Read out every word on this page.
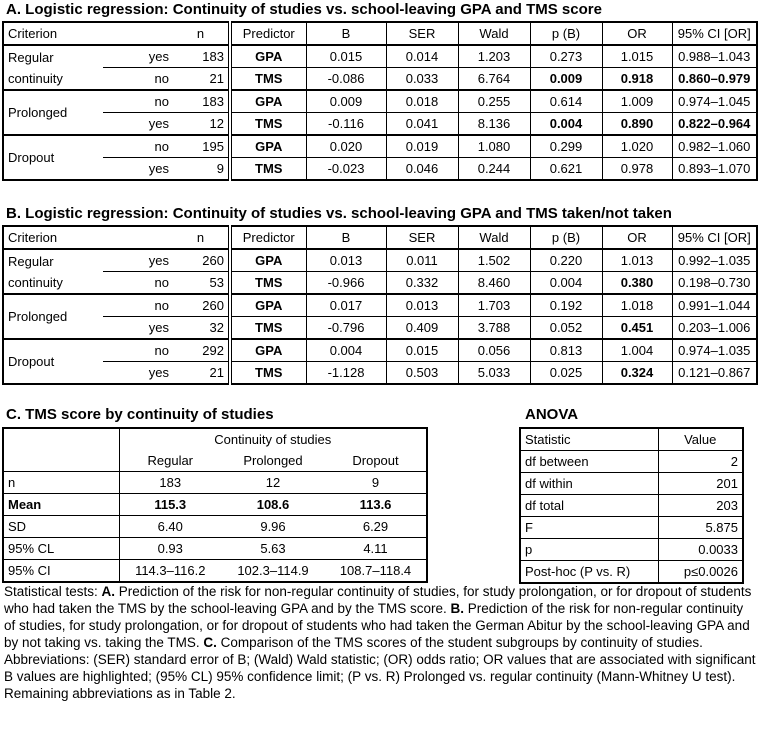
A. Logistic regression: Continuity of studies vs. school-leaving GPA and TMS score
Criterion		n	Predictor	B	SER	Wald	p (B)	OR	95% CI [OR]
Regular continuity	yes	183	GPA	0.015	0.014	1.203	0.273	1.015	0.988–1.043
	no	21	TMS	-0.086	0.033	6.764	0.009	0.918	0.860–0.979
Prolonged	no	183	GPA	0.009	0.018	0.255	0.614	1.009	0.974–1.045
	yes	12	TMS	-0.116	0.041	8.136	0.004	0.890	0.822–0.964
Dropout	no	195	GPA	0.020	0.019	1.080	0.299	1.020	0.982–1.060
	yes	9	TMS	-0.023	0.046	0.244	0.621	0.978	0.893–1.070
B. Logistic regression: Continuity of studies vs. school-leaving GPA and TMS taken/not taken
Criterion		n	Predictor	B	SER	Wald	p (B)	OR	95% CI [OR]
Regular continuity	yes	260	GPA	0.013	0.011	1.502	0.220	1.013	0.992–1.035
	no	53	TMS	-0.966	0.332	8.460	0.004	0.380	0.198–0.730
Prolonged	no	260	GPA	0.017	0.013	1.703	0.192	1.018	0.991–1.044
	yes	32	TMS	-0.796	0.409	3.788	0.052	0.451	0.203–1.006
Dropout	no	292	GPA	0.004	0.015	0.056	0.813	1.004	0.974–1.035
	yes	21	TMS	-1.128	0.503	5.033	0.025	0.324	0.121–0.867
C. TMS score by continuity of studies
	Continuity of studies		
	Regular	Prolonged	Dropout
n	183	12	9
Mean	115.3	108.6	113.6
SD	6.40	9.96	6.29
95% CL	0.93	5.63	4.11
95% CI	114.3–116.2	102.3–114.9	108.7–118.4
ANOVA
Statistic	Value
df between	2
df within	201
df total	203
F	5.875
p	0.0033
Post-hoc (P vs. R)	p≤0.0026
Statistical tests: A. Prediction of the risk for non-regular continuity of studies, for study prolongation, or for dropout of students who had taken the TMS by the school-leaving GPA and by the TMS score. B. Prediction of the risk for non-regular continuity of studies, for study prolongation, or for dropout of students who had taken the German Abitur by the school-leaving GPA and by not taking vs. taking the TMS. C. Comparison of the TMS scores of the student subgroups by continuity of studies.
Abbreviations: (SER) standard error of B; (Wald) Wald statistic; (OR) odds ratio; OR values that are associated with significant B values are highlighted; (95% CL) 95% confidence limit; (P vs. R) Prolonged vs. regular continuity (Mann-Whitney U test). Remaining abbreviations as in Table 2.
